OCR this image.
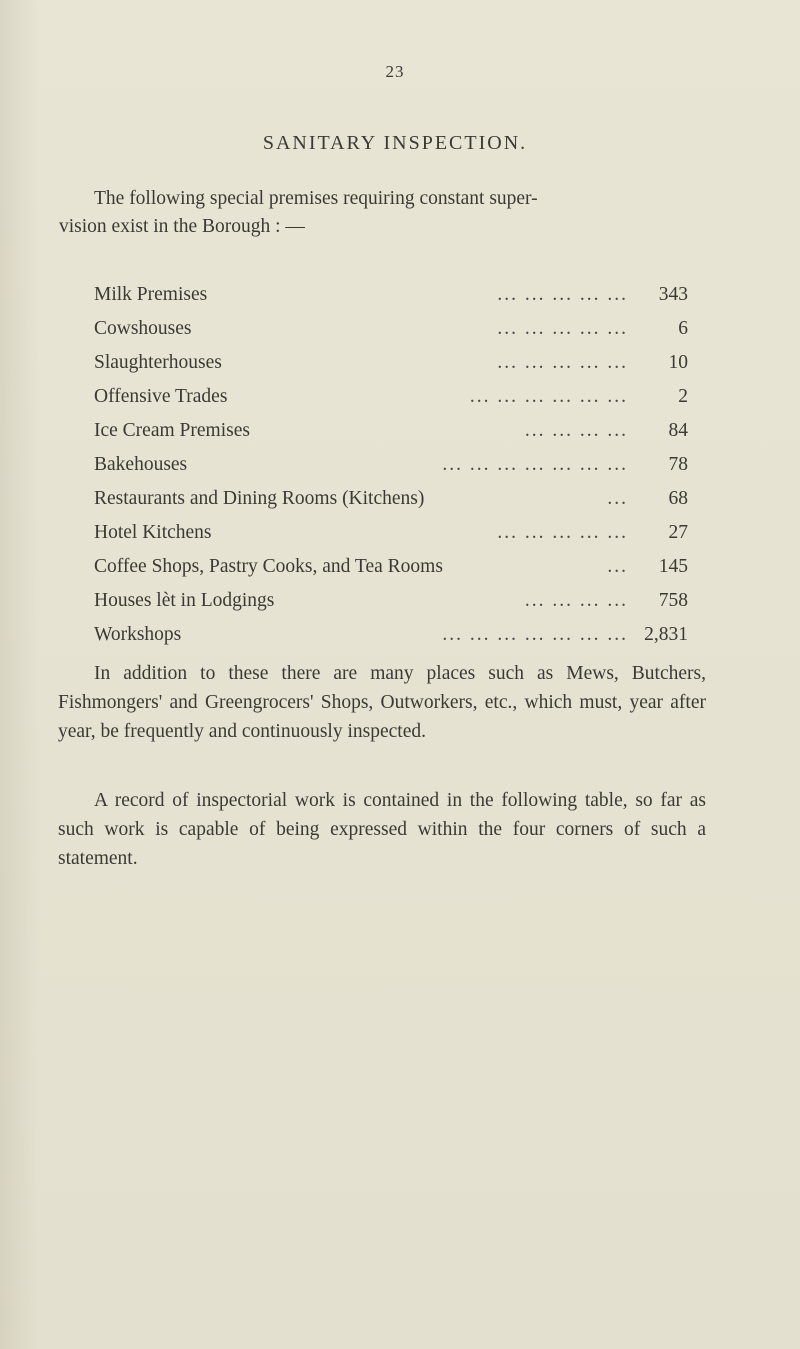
23
SANITARY INSPECTION.
The following special premises requiring constant super-
vision exist in the Borough : —
... ... ... ... ...
Milk Premises	343
... ... ... ... ...
Cowshouses	6
... ... ... ... ...
Slaughterhouses	10
... ... ... ... ... ...
Offensive Trades	2
... ... ... ...
Ice Cream Premises	84
... ... ... ... ... ... ...
Bakehouses	78
...
Restaurants and Dining Rooms (Kitchens)	68
... ... ... ... ...
Hotel Kitchens	27
...
Coffee Shops, Pastry Cooks, and Tea Rooms	145
... ... ... ...
Houses lèt in Lodgings	758
... ... ... ... ... ... ...
Workshops	2,831
In addition to these there are many places such as Mews, Butchers, Fishmongers' and Greengrocers' Shops, Outworkers, etc., which must, year after year, be frequently and continuously inspected.
A record of inspectorial work is contained in the following table, so far as such work is capable of being expressed within the four corners of such a statement.
